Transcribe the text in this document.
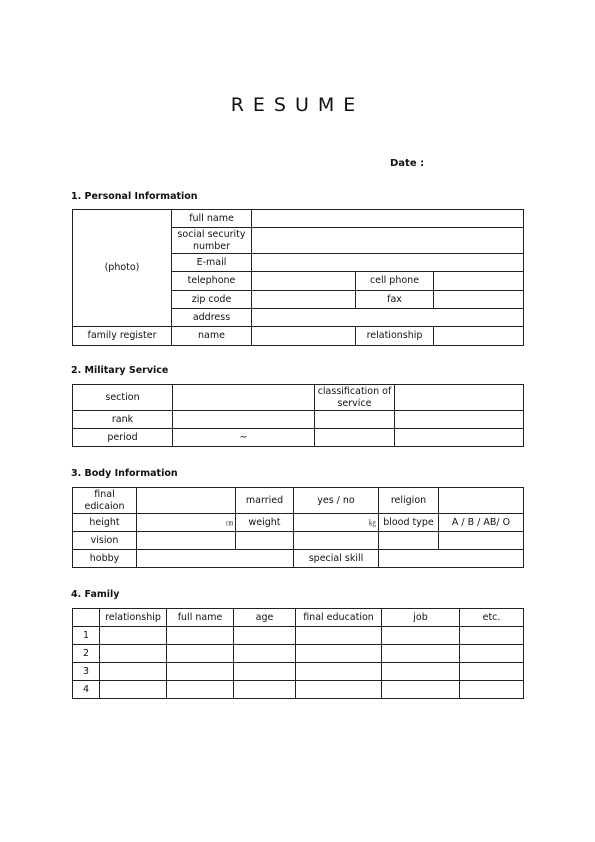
RESUME
Date :
1. Personal Information
(photo)	full name			
	social security number			
	E-mail			
	telephone		cell phone	
	zip code		fax	
	address			
family register	name		relationship	
2. Military Service
section		classification of service	
rank			
period	~		
3. Body Information
final edicaion		married	yes / no	religion	
height	㎝	weight	㎏	blood type	A / B / AB/ O
vision					
hobby			special skill		
4. Family
	relationship	full name	age	final education	job	etc.
1						
2						
3						
4						
